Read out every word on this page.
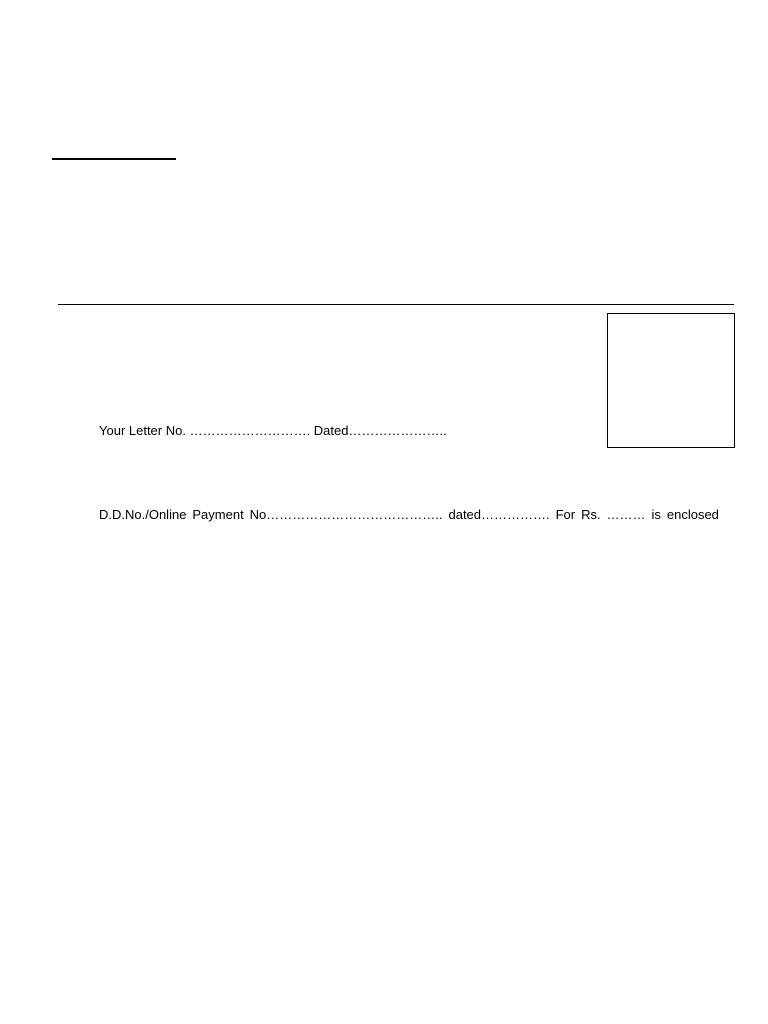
Your Letter No. ………………………. Dated…………………..
D.D.No./Online Payment No………………………………….. dated……………. For Rs. ……… is enclosed
